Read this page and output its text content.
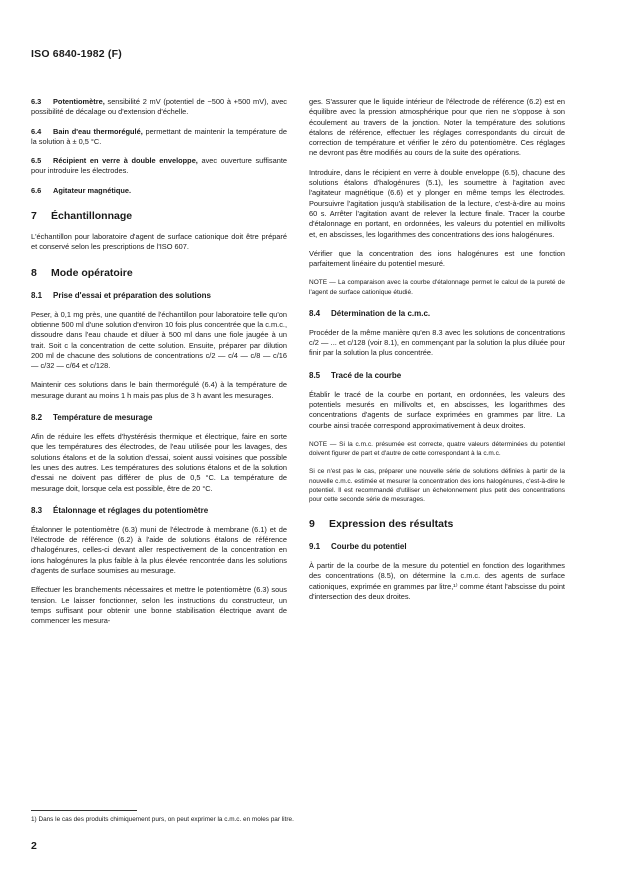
ISO 6840-1982 (F)

6.3 Potentiomètre, sensibilité 2 mV (potentiel de −500 à +500 mV), avec possibilité de décalage ou d'extension d'échelle.

6.4 Bain d'eau thermorégulé, permettant de maintenir la température de la solution à ± 0,5 °C.

6.5 Récipient en verre à double enveloppe, avec ouverture suffisante pour introduire les électrodes.

6.6 Agitateur magnétique.

7 Échantillonnage

L'échantillon pour laboratoire d'agent de surface cationique doit être préparé et conservé selon les prescriptions de l'ISO 607.

8 Mode opératoire
8.1 Prise d'essai et préparation des solutions

Peser, à 0,1 mg près, une quantité de l'échantillon pour laboratoire telle qu'on obtienne 500 ml d'une solution d'environ 10 fois plus concentrée que la c.m.c., dissoudre dans l'eau chaude et diluer à 500 ml dans une fiole jaugée à un trait. Soit c la concentration de cette solution. Ensuite, préparer par dilution 200 ml de chacune des solutions de concentrations c/2 — c/4 — c/8 — c/16 — c/32 — c/64 et c/128.

Maintenir ces solutions dans le bain thermorégulé (6.4) à la température de mesurage durant au moins 1 h mais pas plus de 3 h avant les mesurages.

8.2 Température de mesurage

Afin de réduire les effets d'hystérésis thermique et électrique, faire en sorte que les températures des électrodes, de l'eau utilisée pour les lavages, des solutions étalons et de la solution d'essai, soient aussi voisines que possible les unes des autres. Les températures des solutions étalons et de la solution d'essai ne doivent pas différer de plus de 0,5 °C. La température de mesurage doit, lorsque cela est possible, être de 20 °C.

8.3 Étalonnage et réglages du potentiomètre

Étalonner le potentiomètre (6.3) muni de l'électrode à membrane (6.1) et de l'électrode de référence (6.2) à l'aide de solutions étalons de référence d'halogénures, celles-ci devant aller respectivement de la concentration en ions halogénures la plus faible à la plus élevée rencontrée dans les solutions d'agents de surface soumises au mesurage.

Effectuer les branchements nécessaires et mettre le potentiomètre (6.3) sous tension. Le laisser fonctionner, selon les instructions du constructeur, un temps suffisant pour obtenir une bonne stabilisation électrique avant de commencer les mesura-

ges. S'assurer que le liquide intérieur de l'électrode de référence (6.2) est en équilibre avec la pression atmosphérique pour que rien ne s'oppose à son écoulement au travers de la jonction. Noter la température des solutions étalons de référence, effectuer les réglages correspondants du circuit de correction de température et vérifier le zéro du potentiomètre. Ces réglages ne devront pas être modifiés au cours de la suite des opérations.

Introduire, dans le récipient en verre à double enveloppe (6.5), chacune des solutions étalons d'halogénures (5.1), les soumettre à l'agitation avec l'agitateur magnétique (6.6) et y plonger en même temps les électrodes. Poursuivre l'agitation jusqu'à stabilisation de la lecture, c'est-à-dire au moins 60 s. Arrêter l'agitation avant de relever la lecture finale. Tracer la courbe d'étalonnage en portant, en ordonnées, les valeurs du potentiel en millivolts et, en abscisses, les logarithmes des concentrations des ions halogénures.

Vérifier que la concentration des ions halogénures est une fonction parfaitement linéaire du potentiel mesuré.

NOTE — La comparaison avec la courbe d'étalonnage permet le calcul de la pureté de l'agent de surface cationique étudié.

8.4 Détermination de la c.m.c.

Procéder de la même manière qu'en 8.3 avec les solutions de concentrations c/2 — ... et c/128 (voir 8.1), en commençant par la solution la plus diluée pour finir par la solution la plus concentrée.

8.5 Tracé de la courbe

Établir le tracé de la courbe en portant, en ordonnées, les valeurs des potentiels mesurés en millivolts et, en abscisses, les logarithmes des concentrations d'agents de surface exprimées en grammes par litre. La courbe ainsi tracée correspond approximativement à deux droites.

NOTE — Si la c.m.c. présumée est correcte, quatre valeurs déterminées du potentiel doivent figurer de part et d'autre de cette correspondant à la c.m.c.

Si ce n'est pas le cas, préparer une nouvelle série de solutions définies à partir de la nouvelle c.m.c. estimée et mesurer la concentration des ions halogénures, c'est-à-dire le potentiel. Il est recommandé d'utiliser un échelonnement plus petit des concentrations pour cette seconde série de mesurages.

9 Expression des résultats
9.1 Courbe du potentiel

À partir de la courbe de la mesure du potentiel en fonction des logarithmes des concentrations (8.5), on détermine la c.m.c. des agents de surface cationiques, exprimée en grammes par litre,¹⁾ comme étant l'abscisse du point d'intersection des deux droites.

1) Dans le cas des produits chimiquement purs, on peut exprimer la c.m.c. en moles par litre.
2
